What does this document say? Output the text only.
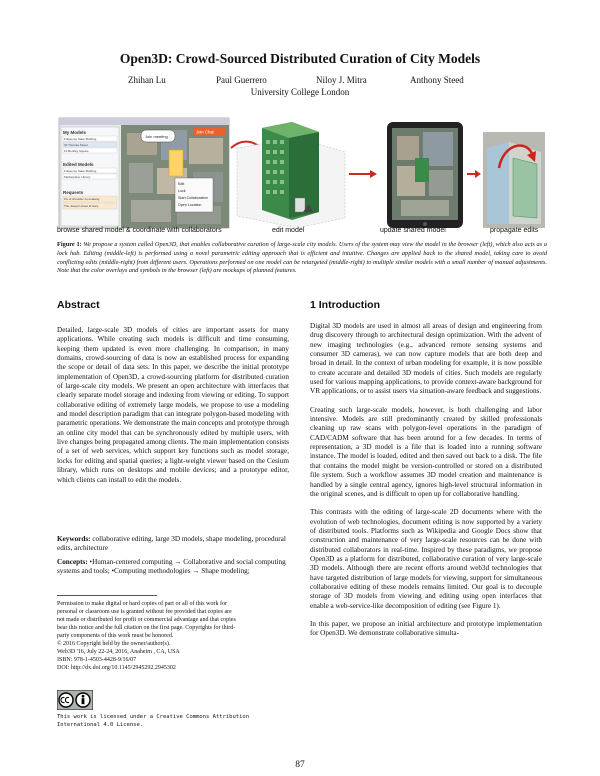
Open3D: Crowd-Sourced Distributed Curation of City Models
Zhihan Lu	Paul Guerrero	Niloy J. Mitra	Anthony Steed
University College London
My Models
Fullpence State Building
33 Thomas Street
19 Berkley Square
Edited Models
Fullpence State Building
Marketplace Library
Requests
Fix of shoulder Jo-wnaway
The Joseph street id Gary
Join meeting
Join Chat
Edit
Lock
Start Collaboration
Open Location
browse shared model & coordinate with collaborators	edit model	update shared model	propagate edits
Figure 1: We propose a system called Open3D, that enables collaborative curation of large-scale city models. Users of the system may view the model in the browser (left), which also acts as a lock hub. Editing (middle-left) is performed using a novel parametric editing approach that is efficient and intuitive. Changes are applied back to the shared model, taking care to avoid conflicting edits (middle-right) from different users. Operations performed on one model can be retargeted (middle-right) to multiple similar models with a small number of manual adjustments. Note that the color overlays and symbols in the browser (left) are mockups of planned features.
Abstract

Detailed, large-scale 3D models of cities are important assets for many applications. While creating such models is difficult and time consuming, keeping them updated is even more challenging. In comparison, in many domains, crowd-sourcing of data is now an established process for expanding the scope or detail of data sets. In this paper, we describe the initial prototype implementation of Open3D, a crowd-sourcing platform for distributed curation of large-scale city models. We present an open architecture with interfaces that clearly separate model storage and indexing from viewing or editing. To support collaborative editing of extremely large models, we propose to use a modeling and model description paradigm that can integrate polygon-based modeling with parametric operations. We demonstrate the main concepts and prototype through an online city model that can be synchronously edited by multiple users, with live changes being propagated among clients. The main implementation consists of a set of web services, which support key functions such as model storage, locks for editing and spatial queries; a light-weight viewer based on the Cesium library, which runs on desktops and mobile devices; and a prototype editor, which clients can install to edit the models.

Keywords: collaborative editing, large 3D models, shape modeling, procedural edits, architecture
Concepts: •Human-centered computing → Collaborative and social computing systems and tools; •Computing methodologies → Shape modeling;
Permission to make digital or hard copies of part or all of this work for
personal or classroom use is granted without fee provided that copies are
not made or distributed for profit or commercial advantage and that copies
bear this notice and the full citation on the first page. Copyrights for third-
party components of this work must be honored.
© 2016 Copyright held by the owner/author(s).
Web3D '16, July 22-24, 2016, Anaheim , CA, USA
ISBN: 978-1-4503-4428-9/16/07
DOI: http://dx.doi.org/10.1145/2945292.2945302
This work is licensed under a Creative Commons Attribution
International 4.0 License.
1 Introduction

Digital 3D models are used in almost all areas of design and engineering from drug discovery through to architectural design optimization. With the advent of new imaging technologies (e.g., advanced remote sensing systems and consumer 3D cameras), we can now capture models that are both deep and broad in detail. In the context of urban modeling for example, it is now possible to create accurate and detailed 3D models of cities. Such models are regularly used for various mapping applications, to provide context-aware background for VR applications, or to assist users via situation-aware feedback and suggestions.

Creating such large-scale models, however, is both challenging and labor intensive. Models are still predominantly created by skilled professionals cleaning up raw scans with polygon-level operations in the paradigm of CAD/CADM software that has been around for a few decades. In terms of representation, a 3D model is a file that is loaded into a running software instance. The model is loaded, edited and then saved out back to a disk. The file that contains the model might be version-controlled or stored on a distributed file system. Such a workflow assumes 3D model creation and maintenance is handled by a single central agency, ignores high-level structural information in the original scenes, and is difficult to open up for collaborative handling.

This contrasts with the editing of large-scale 2D documents where with the evolution of web technologies, document editing is now supported by a variety of distributed tools. Platforms such as Wikipedia and Google Docs show that construction and maintenance of very large-scale resources can be done with distributed collaborators in real-time. Inspired by these paradigms, we propose Open3D as a platform for distributed, collaborative curation of very large-scale 3D models. Although there are recent efforts around web3d technologies that have targeted distribution of large models for viewing, support for simultaneous collaborative editing of these models remains limited. Our goal is to decouple storage of 3D models from viewing and editing using open interfaces that enable a web-service-like decomposition of editing (see Figure 1).

In this paper, we propose an initial architecture and prototype implementation for Open3D. We demonstrate collaborative simulta-

87
